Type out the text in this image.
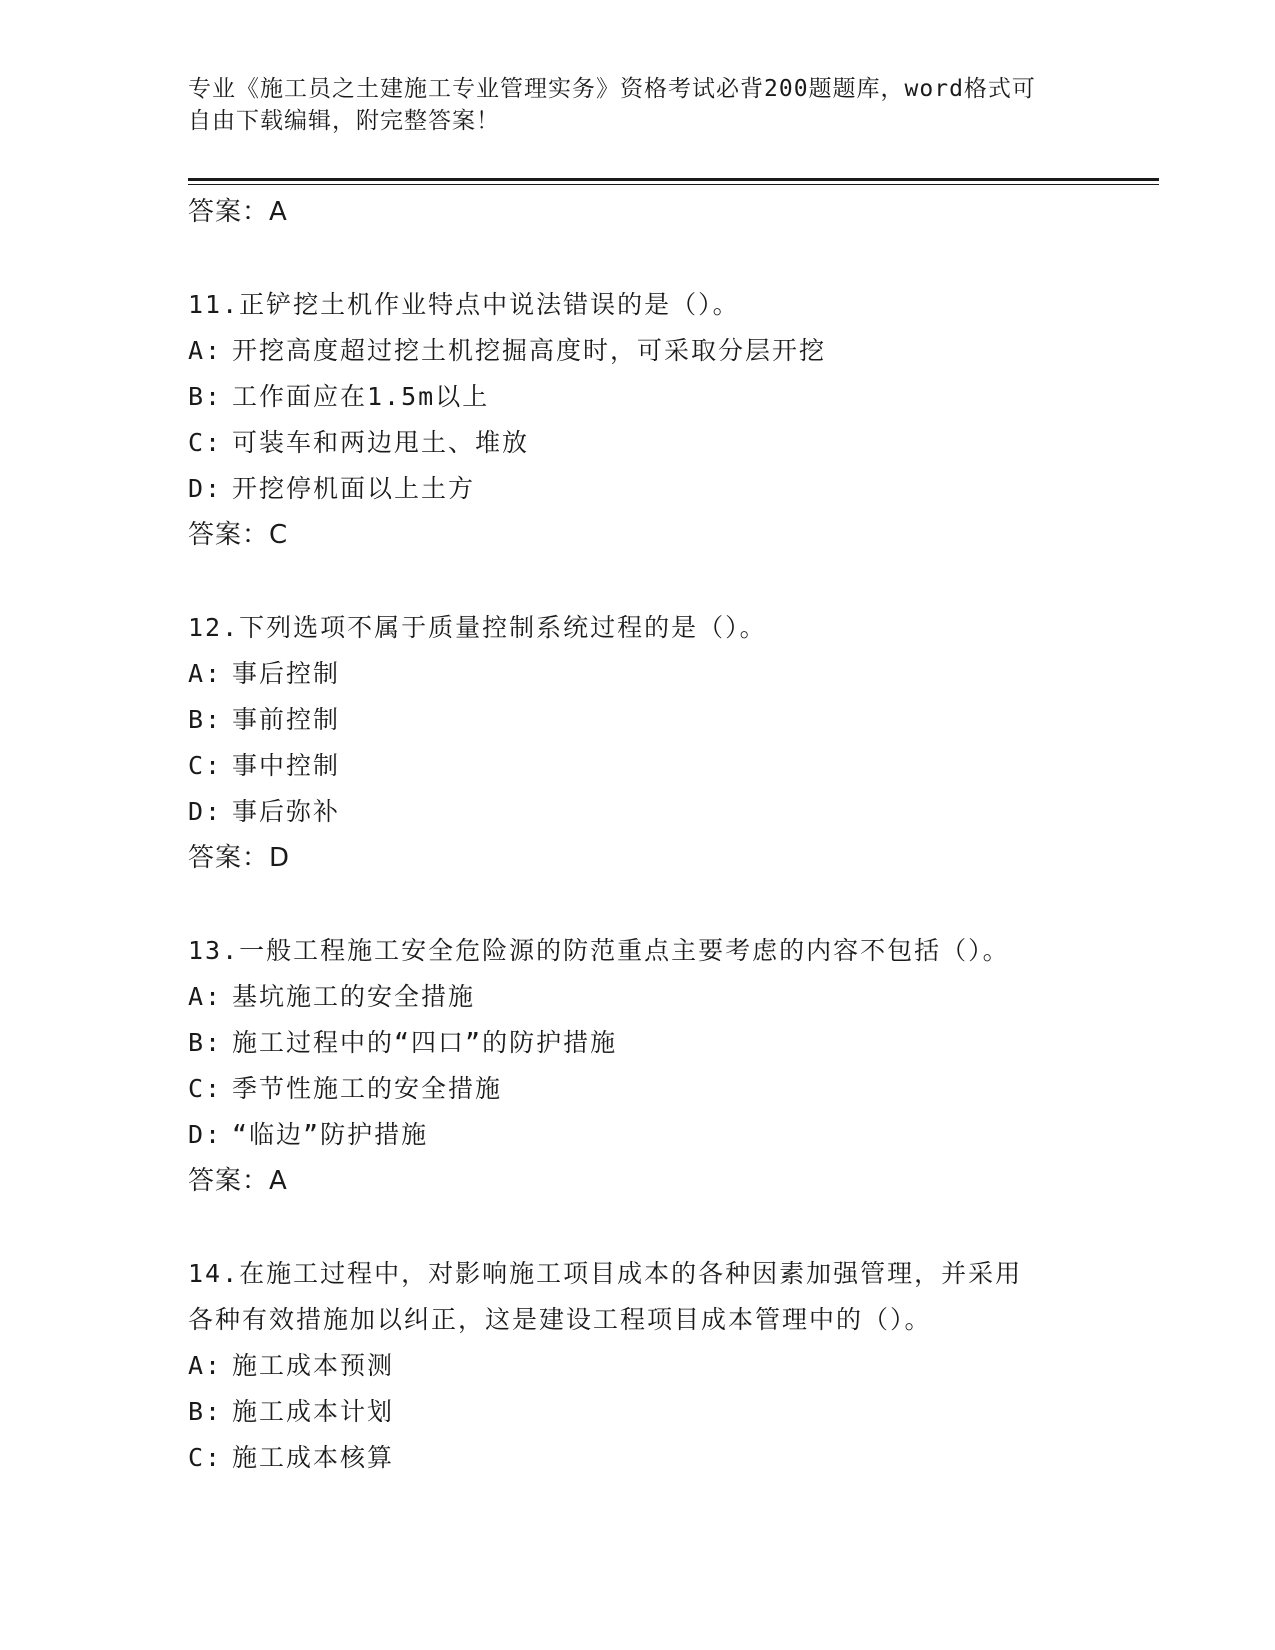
专业《施工员之土建施工专业管理实务》资格考试必背200题题库，word格式可
自由下载编辑，附完整答案！
答案：A
11.正铲挖土机作业特点中说法错误的是（）。
A: 开挖高度超过挖土机挖掘高度时，可采取分层开挖
B: 工作面应在1.5m以上
C: 可装车和两边甩土、堆放
D: 开挖停机面以上土方
答案：C
12.下列选项不属于质量控制系统过程的是（）。
A: 事后控制
B: 事前控制
C: 事中控制
D: 事后弥补
答案：D
13.一般工程施工安全危险源的防范重点主要考虑的内容不包括（）。
A: 基坑施工的安全措施
B: 施工过程中的“四口”的防护措施
C: 季节性施工的安全措施
D: “临边”防护措施
答案：A
14.在施工过程中，对影响施工项目成本的各种因素加强管理，并采用
各种有效措施加以纠正，这是建设工程项目成本管理中的（）。
A: 施工成本预测
B: 施工成本计划
C: 施工成本核算
